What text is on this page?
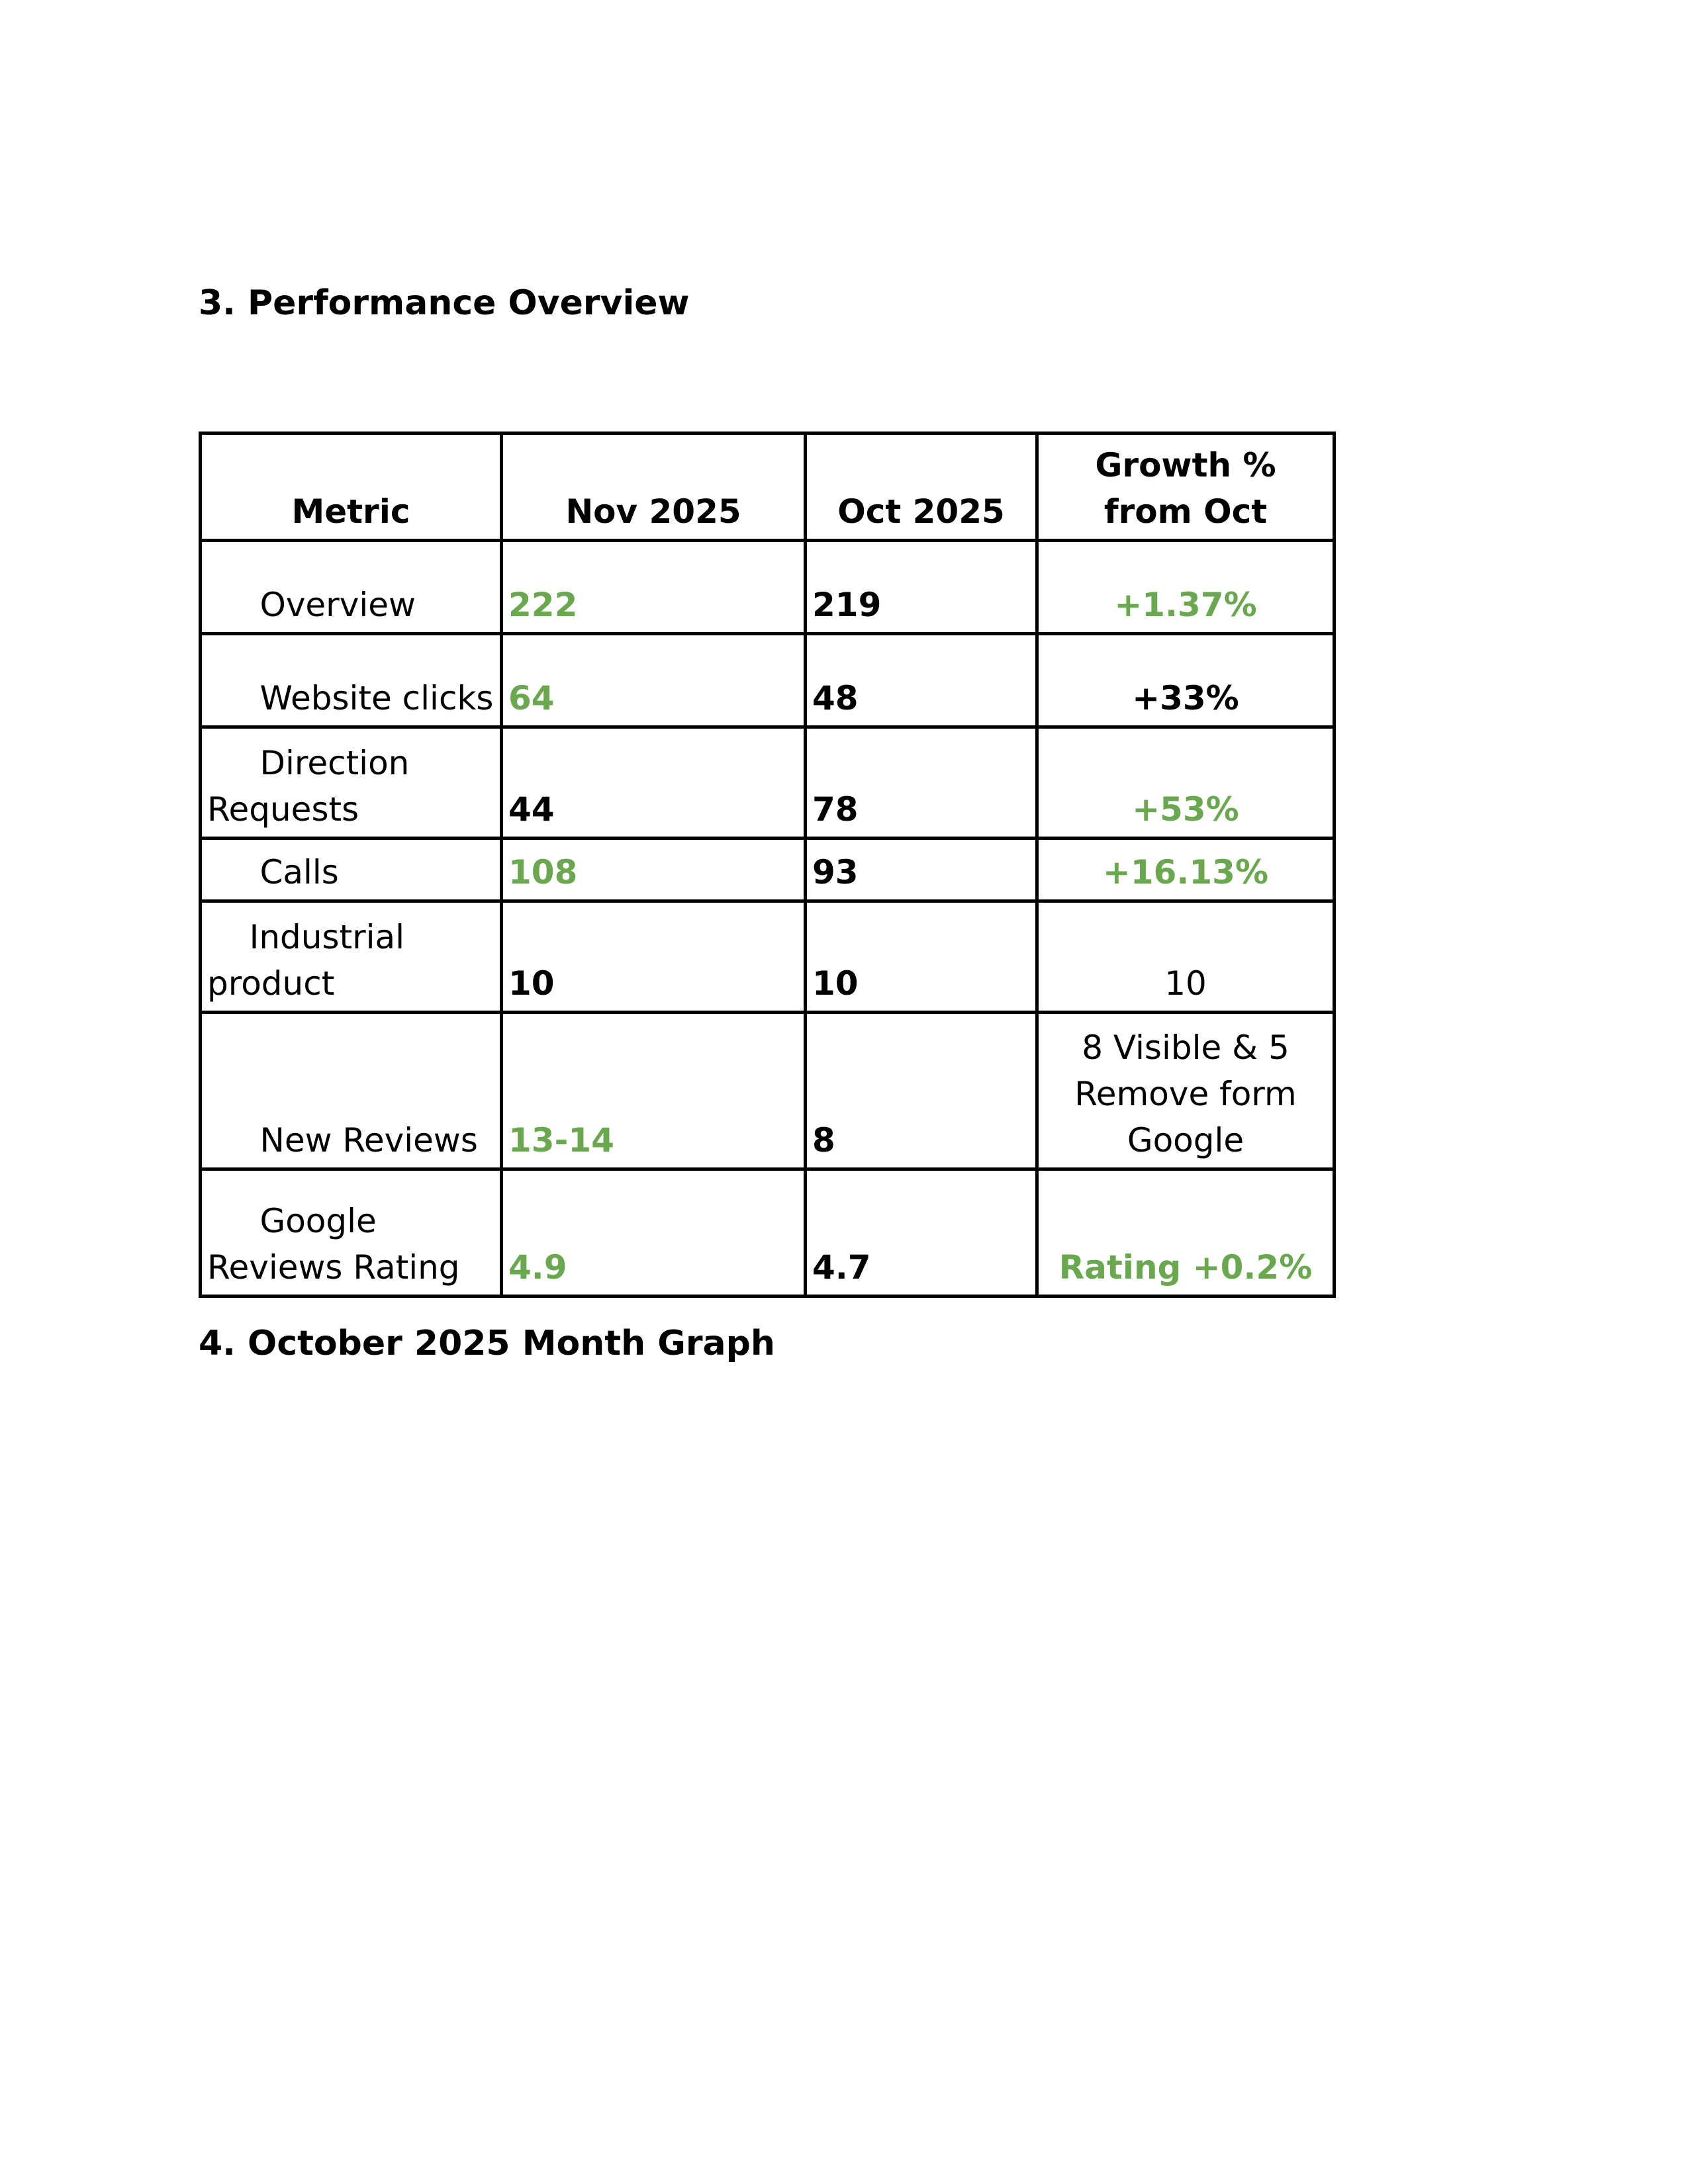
3. Performance Overview
Metric	Nov 2025	Oct 2025	Growth %
from Oct
Overview	222	219	+1.37%
Website clicks	64	48	+33%
Direction
Requests	44	78	+53%
Calls	108	93	+16.13%
Industrial
product	10	10	10
New Reviews	13-14	8	8 Visible & 5 Remove form Google
Google
Reviews Rating	4.9	4.7	Rating +0.2%
4. October 2025 Month Graph
